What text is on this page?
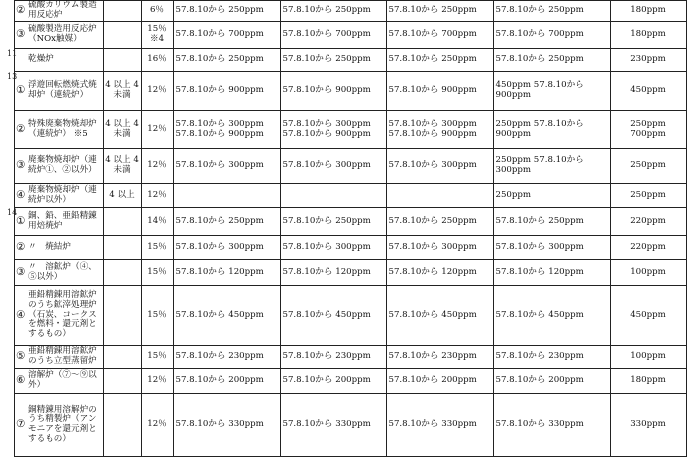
	②	硫酸カリウム製造用反応炉		6％	57.8.10から 250ppm	57.8.10から 250ppm	57.8.10から 250ppm	57.8.10から 250ppm	180ppm
	③	硫酸製造用反応炉（NOx触媒）		15％ ※4	57.8.10から 700ppm	57.8.10から 700ppm	57.8.10から 700ppm	57.8.10から 700ppm	180ppm
11		乾燥炉		16％	57.8.10から 250ppm	57.8.10から 250ppm	57.8.10から 250ppm	57.8.10から 250ppm	230ppm
13	①	浮遊回転燃焼式焼却炉（連続炉）	4 以上 4 未満	12％	57.8.10から 900ppm	57.8.10から 900ppm	57.8.10から 900ppm	450ppm 57.8.10から 900ppm	450ppm
	②	特殊廃棄物焼却炉（連続炉） ※5	4 以上 4 未満	12％	57.8.10から 300ppm 57.8.10から 900ppm	57.8.10から 300ppm 57.8.10から 900ppm	57.8.10から 300ppm 57.8.10から 900ppm	250ppm 57.8.10から 900ppm	250ppm 700ppm
	③	廃棄物焼却炉（連続炉①、②以外）	4 以上 4 未満	12％	57.8.10から 300ppm	57.8.10から 300ppm	57.8.10から 300ppm	250ppm 57.8.10から 300ppm	250ppm
	④	廃棄物焼却炉（連続炉以外）	4 以上	12％				250ppm	250ppm
14	①	銅、鉛、亜鉛精錬用焙焼炉		14％	57.8.10から 250ppm	57.8.10から 250ppm	57.8.10から 250ppm	57.8.10から 250ppm	220ppm
	②	〃　焼結炉		15％	57.8.10から 300ppm	57.8.10から 300ppm	57.8.10から 300ppm	57.8.10から 300ppm	220ppm
	③	〃　溶鉱炉（④、⑤以外）		15％	57.8.10から 120ppm	57.8.10から 120ppm	57.8.10から 120ppm	57.8.10から 120ppm	100ppm
	④	亜鉛精錬用溶鉱炉のうち鉱滓処理炉（石炭、コークスを燃料・還元剤とするもの）		15％	57.8.10から 450ppm	57.8.10から 450ppm	57.8.10から 450ppm	57.8.10から 450ppm	450ppm
	⑤	亜鉛精錬用溶鉱炉のうち立型蒸留炉		15％	57.8.10から 230ppm	57.8.10から 230ppm	57.8.10から 230ppm	57.8.10から 230ppm	100ppm
	⑥	溶解炉（⑦～⑨以外）		12％	57.8.10から 200ppm	57.8.10から 200ppm	57.8.10から 200ppm	57.8.10から 200ppm	180ppm
	⑦	銅精錬用溶解炉のうち精製炉（アンモニアを還元剤とするもの）		12％	57.8.10から 330ppm	57.8.10から 330ppm	57.8.10から 330ppm	57.8.10から 330ppm	330ppm
